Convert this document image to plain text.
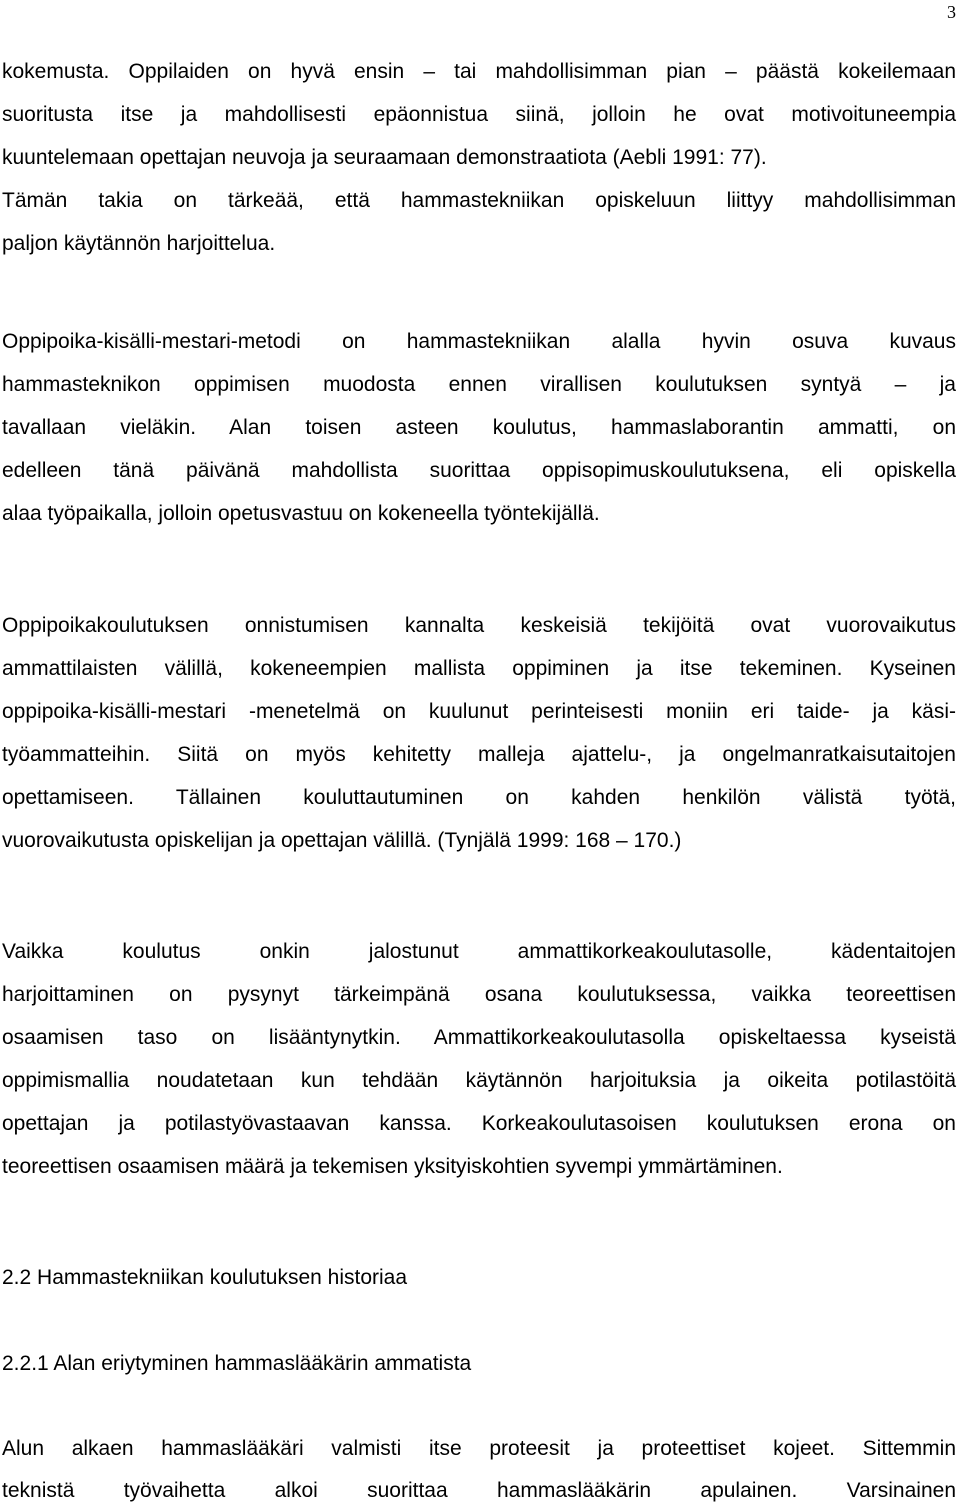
3
kokemusta. Oppilaiden on hyvä ensin – tai mahdollisimman pian – päästä kokeilemaan
suoritusta itse ja mahdollisesti epäonnistua siinä, jolloin he ovat motivoituneempia
kuuntelemaan opettajan neuvoja ja seuraamaan demonstraatiota (Aebli 1991: 77).
Tämän takia on tärkeää, että hammastekniikan opiskeluun liittyy mahdollisimman
paljon käytännön harjoittelua.
Oppipoika-kisälli-mestari-metodi on hammastekniikan alalla hyvin osuva kuvaus
hammasteknikon oppimisen muodosta ennen virallisen koulutuksen syntyä – ja
tavallaan vieläkin. Alan toisen asteen koulutus, hammaslaborantin ammatti, on
edelleen tänä päivänä mahdollista suorittaa oppisopimuskoulutuksena, eli opiskella
alaa työpaikalla, jolloin opetusvastuu on kokeneella työntekijällä.
Oppipoikakoulutuksen onnistumisen kannalta keskeisiä tekijöitä ovat vuorovaikutus
ammattilaisten välillä, kokeneempien mallista oppiminen ja itse tekeminen. Kyseinen
oppipoika-kisälli-mestari -menetelmä on kuulunut perinteisesti moniin eri taide- ja käsi-
työammatteihin. Siitä on myös kehitetty malleja ajattelu-, ja ongelmanratkaisutaitojen
opettamiseen. Tällainen kouluttautuminen on kahden henkilön välistä työtä,
vuorovaikutusta opiskelijan ja opettajan välillä. (Tynjälä 1999: 168 – 170.)
Vaikka koulutus onkin jalostunut ammattikorkeakoulutasolle, kädentaitojen
harjoittaminen on pysynyt tärkeimpänä osana koulutuksessa, vaikka teoreettisen
osaamisen taso on lisääntynytkin. Ammattikorkeakoulutasolla opiskeltaessa kyseistä
oppimismallia noudatetaan kun tehdään käytännön harjoituksia ja oikeita potilastöitä
opettajan ja potilastyövastaavan kanssa. Korkeakoulutasoisen koulutuksen erona on
teoreettisen osaamisen määrä ja tekemisen yksityiskohtien syvempi ymmärtäminen.
2.2 Hammastekniikan koulutuksen historiaa
2.2.1 Alan eriytyminen hammaslääkärin ammatista
Alun alkaen hammaslääkäri valmisti itse proteesit ja proteettiset kojeet. Sittemmin
teknistä työvaihetta alkoi suorittaa hammaslääkärin apulainen. Varsinainen
